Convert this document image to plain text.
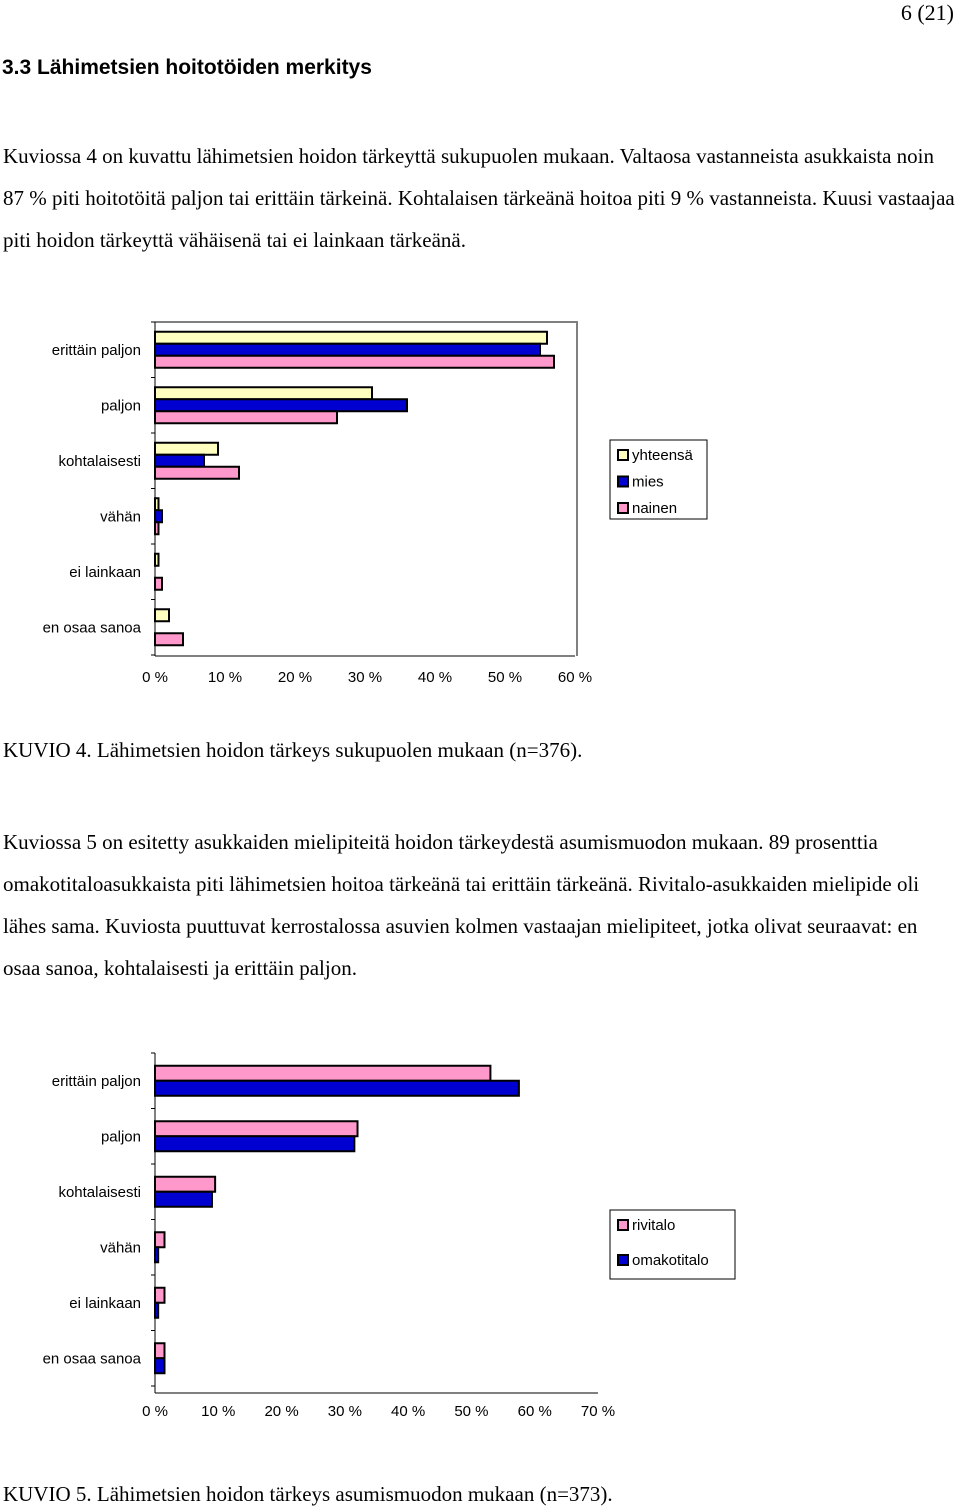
6 (21)
3.3 Lähimetsien hoitotöiden merkitys

Kuviossa 4 on kuvattu lähimetsien hoidon tärkeyttä sukupuolen mukaan. Valtaosa vastanneista asukkaista noin 87 % piti hoitotöitä paljon tai erittäin tärkeinä. Kohtalaisen tärkeänä hoitoa piti 9 % vastanneista. Kuusi vastaajaa piti hoidon tärkeyttä vähäisenä tai ei lainkaan tärkeänä.

erittäin paljon
paljon
kohtalaisesti
vähän
ei lainkaan
en osaa sanoa
0 %	10 % 20 % 30 % 40 % 50 % 60 %
yhteensä
mies
nainen
KUVIO 4. Lähimetsien hoidon tärkeys sukupuolen mukaan (n=376).

Kuviossa 5 on esitetty asukkaiden mielipiteitä hoidon tärkeydestä asumismuodon mukaan. 89 prosenttia omakotitaloasukkaista piti lähimetsien hoitoa tärkeänä tai erittäin tärkeänä. Rivitalo-asukkaiden mielipide oli lähes sama. Kuviosta puuttuvat kerrostalossa asuvien kolmen vastaajan mielipiteet, jotka olivat seuraavat: en osaa sanoa, kohtalaisesti ja erittäin paljon.

erittäin paljon
paljon
kohtalaisesti
vähän
ei lainkaan
en osaa sanoa
0 % 10 % 20 % 30 % 40 % 50 % 60 % 70 %
rivitalo
omakotitalo
KUVIO 5. Lähimetsien hoidon tärkeys asumismuodon mukaan (n=373).
